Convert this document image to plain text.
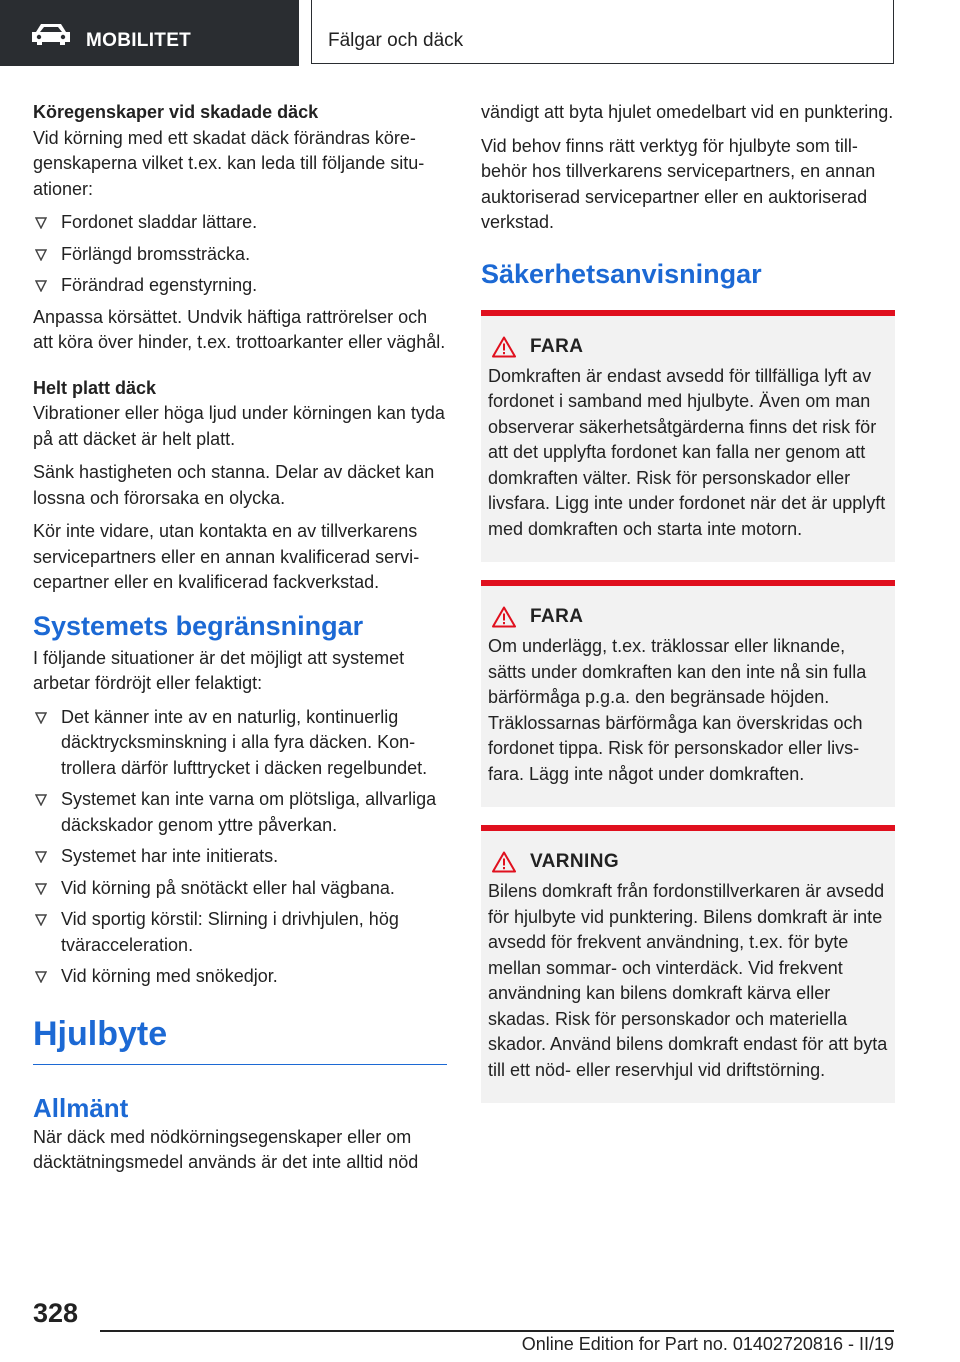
MOBILITET	Fälgar och däck
Köregenskaper vid skadade däck

Vid körning med ett skadat däck förändras köregenskaperna vilket t.ex. kan leda till följande situationer:

Fordonet sladdar lättare.
Förlängd bromssträcka.
Förändrad egenstyrning.

Anpassa körsättet. Undvik häftiga rattrörelser och att köra över hinder, t.ex. trottoarkanter eller väghål.

Helt platt däck

Vibrationer eller höga ljud under körningen kan tyda på att däcket är helt platt.

Sänk hastigheten och stanna. Delar av däcket kan lossna och förorsaka en olycka.

Kör inte vidare, utan kontakta en av tillverkarens servicepartners eller en annan kvalificerad servicepartner eller en kvalificerad fackverkstad.

Systemets begränsningar

I följande situationer är det möjligt att systemet arbetar fördröjt eller felaktigt:

Det känner inte av en naturlig, kontinuerlig däcktrycksminskning i alla fyra däcken. Kontrollera därför lufttrycket i däcken regelbundet.
Systemet kan inte varna om plötsliga, allvarliga däckskador genom yttre påverkan.
Systemet har inte initierats.
Vid körning på snötäckt eller hal vägbana.
Vid sportig körstil: Slirning i drivhjulen, hög tväracceleration.
Vid körning med snökedjor.
Hjulbyte
Allmänt

När däck med nödkörningsegenskaper eller om däcktätningsmedel används är det inte alltid nöd

vändigt att byta hjulet omedelbart vid en punktering.

Vid behov finns rätt verktyg för hjulbyte som tillbehör hos tillverkarens servicepartners, en annan auktoriserad servicepartner eller en auktoriserad verkstad.

Säkerhetsanvisningar
FARA

Domkraften är endast avsedd för tillfälliga lyft av fordonet i samband med hjulbyte. Även om man observerar säkerhetsåtgärderna finns det risk för att det upplyfta fordonet kan falla ner genom att domkraften välter. Risk för personskador eller livsfara. Ligg inte under fordonet när det är upplyft med domkraften och starta inte motorn.

FARA

Om underlägg, t.ex. träklossar eller liknande, sätts under domkraften kan den inte nå sin fulla bärförmåga p.g.a. den begränsade höjden. Träklossarnas bärförmåga kan överskridas och fordonet tippa. Risk för personskador eller livsfara. Lägg inte något under domkraften.

VARNING

Bilens domkraft från fordonstillverkaren är avsedd för hjulbyte vid punktering. Bilens domkraft är inte avsedd för frekvent användning, t.ex. för byte mellan sommar- och vinterdäck. Vid frekvent användning kan bilens domkraft kärva eller skadas. Risk för personskador och materiella skador. Använd bilens domkraft endast för att byta till ett nöd- eller reservhjul vid driftstörning.

328
Online Edition for Part no. 01402720816 - II/19
